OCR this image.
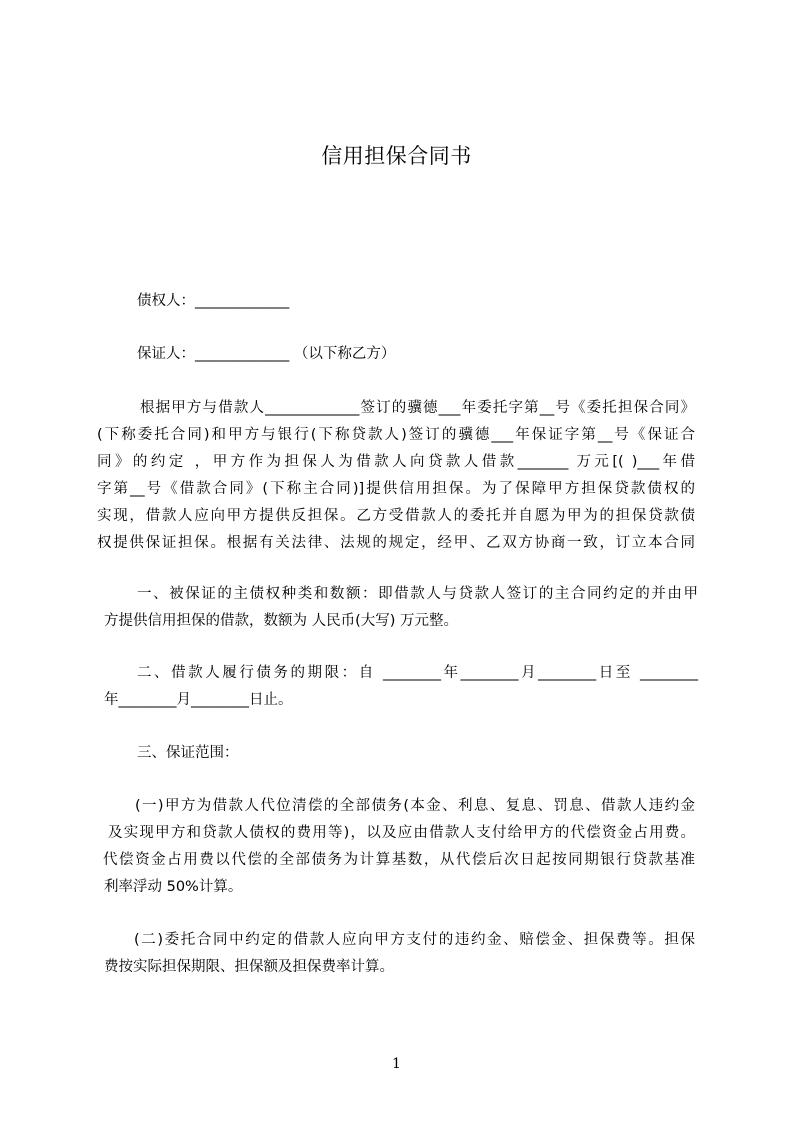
信用担保合同书
债权人：_____________
保证人：_____________ （以下称乙方）
根据甲方与借款人_____________签订的骥德___年委托字第__号《委托担保合同》
(下称委托合同)和甲方与银行(下称贷款人)签订的骥德___年保证字第__号《保证合
同》的约定 ，甲方作为担保人为借款人向贷款人借款_______ 万元[( )___年借
字第__号《借款合同》(下称主合同)]提供信用担保。为了保障甲方担保贷款债权的
实现，借款人应向甲方提供反担保。乙方受借款人的委托并自愿为甲为的担保贷款债
权提供保证担保。根据有关法律、法规的规定，经甲、乙双方协商一致，订立本合同
一、被保证的主债权种类和数额：即借款人与贷款人签订的主合同约定的并由甲
方提供信用担保的借款，数额为 人民币(大写) 万元整。
二、借款人履行债务的期限：自 ________年________月________日至 ________
年________月________日止。
三、保证范围：
(一)甲方为借款人代位清偿的全部债务(本金、利息、复息、罚息、借款人违约金
及实现甲方和贷款人债权的费用等)，以及应由借款人支付给甲方的代偿资金占用费。
代偿资金占用费以代偿的全部债务为计算基数，从代偿后次日起按同期银行贷款基准
利率浮动 50%计算。
(二)委托合同中约定的借款人应向甲方支付的违约金、赔偿金、担保费等。担保
费按实际担保期限、担保额及担保费率计算。
1
